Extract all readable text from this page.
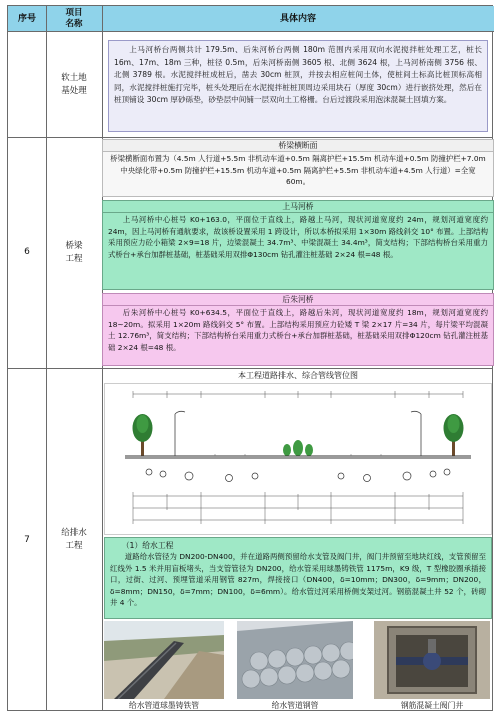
序号
项目
名称
具体内容
软土地
基处理

上马河桥台两侧共计 179.5m、后朱河桥台两侧 180m 范围内采用双向水泥搅拌桩处理工艺，桩长 16m、17m、18m 三种，桩径 0.5m，后朱河桥南侧 3605 根、北侧 3624 根，上马河桥南侧 3756 根、北侧 3789 根。水泥搅拌桩成桩后，凿去 30cm 桩顶，并按去相应桩间土体，使桩间土标高比桩顶标高相同，水泥搅拌桩施打完毕，桩头处理后在水泥搅拌桩桩顶周边采用块石（厚度 30cm）进行嵌挤处理，然后在桩顶铺设 30cm 厚砂砾垫，砂垫层中间铺一层双向土工格栅。台后过渡段采用泡沫混凝土回填方案。

6
桥梁
工程
桥梁横断面

桥梁横断面布置为（4.5m 人行道+5.5m 非机动车道+0.5m 隔离护栏+15.5m 机动车道+0.5m 防撞护栏+7.0m 中央绿化带+0.5m 防撞护栏+15.5m 机动车道+0.5m 隔离护栏+5.5m 非机动车道+4.5m 人行道）=全宽 60m。

上马河桥

上马河桥中心桩号 K0+163.0，平面位于直线上，路越上马河，现状河道宽度约 24m，规划河道宽度约 24m，因上马河桥有通航要求，故该桥设置采用 1 跨设计，所以本桥拟采用 1×30m 路线斜交 10° 布置。上部结构采用预应力砼小箱梁 2×9=18 片，边梁混凝土 34.7m³、中梁混凝土 34.4m³，简支结构；下部结构桥台采用重力式桥台+承台加群桩基础，桩基础采用双排Φ130cm 钻孔灌注桩基础 2×24 根=48 根。

后朱河桥

后朱河桥中心桩号 K0+634.5，平面位于直线上，路越后朱河，现状河道宽度约 18m，规划河道宽度约 18~20m。拟采用 1×20m 路线斜交 5° 布置。上部结构采用预应力砼矮 T 梁 2×17 片=34 片，每片梁平均混凝土 12.76m³，简支结构；下部结构桥台采用重力式桥台+承台加群桩基础，桩基础采用双排Φ120cm 钻孔灌注桩基础 2×24 根=48 根。

7
给排水
工程
本工程道路排水、综合管线管位图
（1）给水工程

道路给水管径为 DN200-DN400，并在道路两侧预留给水支管及阀门井，阀门井预留至地块红线，支管预留至红线外 1.5 米并用盲板堵头，当支管管径为 DN200，给水管采用球墨铸铁管 1175m，K9 级，T 型橡胶圈承插接口，过街、过河、预埋管道采用钢管 827m，焊接接口（DN400，δ=10mm；DN300，δ=9mm；DN200，δ=8mm；DN150，δ=7mm；DN100，δ=6mm）。给水管过河采用桥侧支架过河。钢筋混凝土井 52 个，砖砌井 4 个。

给水管道球墨铸铁管	给水管道钢管	钢筋混凝土阀门井
